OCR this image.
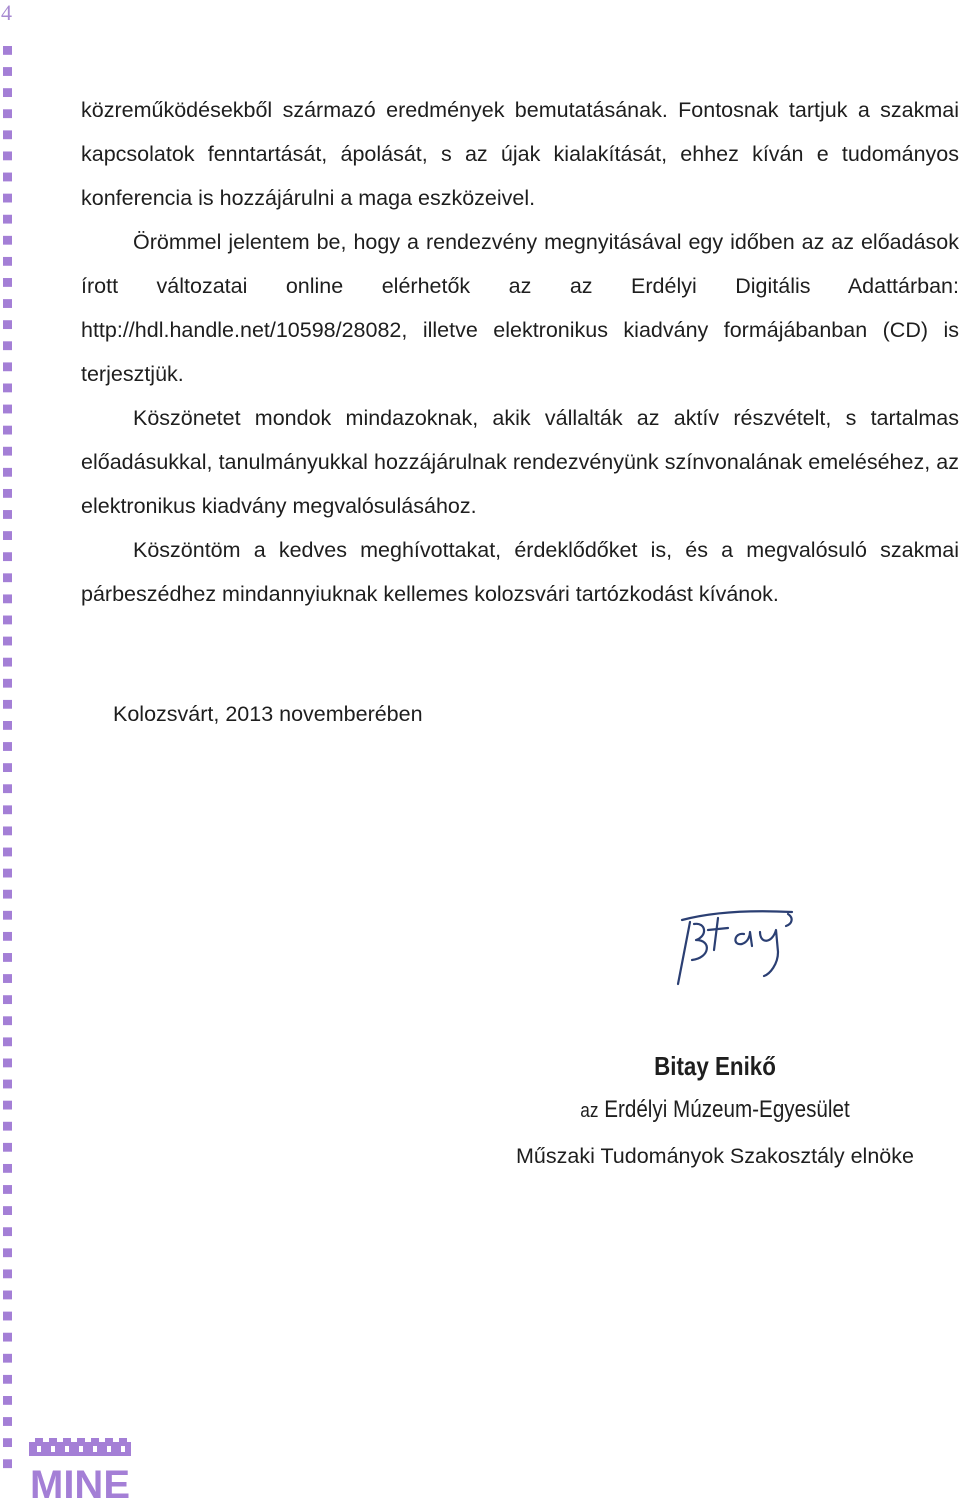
4

közreműködésekből származó eredmények bemutatásának. Fontosnak tartjuk a szakmai kapcsolatok fenntartását, ápolását, s az újak kialakítását, ehhez kíván e tudományos konferencia is hozzájárulni a maga eszközeivel.

Örömmel jelentem be, hogy a rendezvény megnyitásával egy időben az az előadások írott változatai online elérhetők az az Erdélyi Digitális Adattárban: http://hdl.handle.net/10598/28082, illetve elektronikus kiadvány formájábanban (CD) is terjesztjük.

Köszönetet mondok mindazoknak, akik vállalták az aktív részvételt, s tartalmas előadásukkal, tanulmányukkal hozzájárulnak rendezvényünk színvonalának emeléséhez, az elektronikus kiadvány megvalósulásához.

Köszöntöm a kedves meghívottakat, érdeklődőket is, és a megvalósuló szakmai párbeszédhez mindannyiuknak kellemes kolozsvári tartózkodást kívánok.

Kolozsvárt, 2013 novemberében
Bitay Enikő
az Erdélyi Múzeum-Egyesület
Műszaki Tudományok Szakosztály elnöke
MINE
